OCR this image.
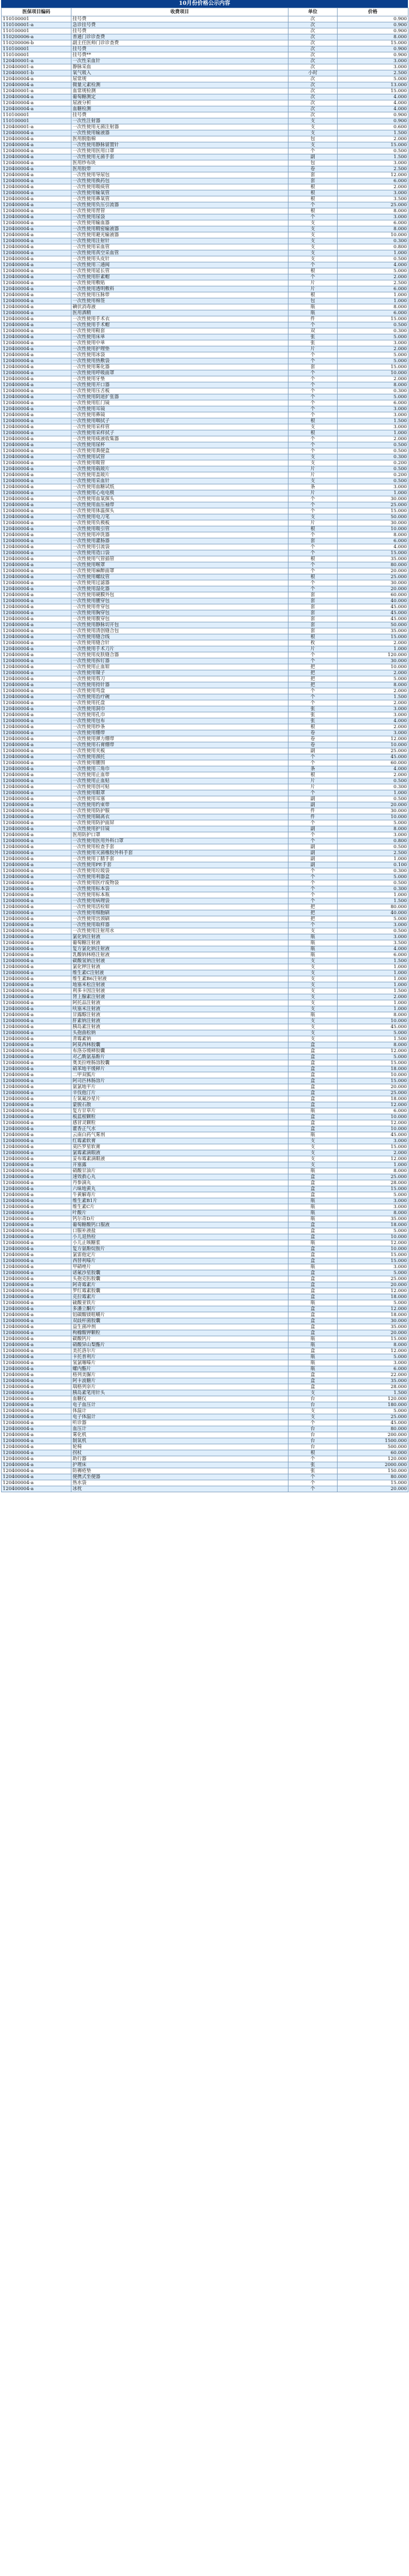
10月份价格公示内容
医保项目编码	收费项目	单位	价格
110100001	挂号费	次	0.900
110100001-a	急诊挂号费	次	0.900
110100001	挂号费	次	0.900
110200006-a	普通门诊诊查费	次	8.000
110200006-b	副主任医师门诊诊查费	次	15.000
110100001	挂号费	次	0.900
110100001	挂号费**	次	0.900
120400001-a	一次性采血针	次	3.000
120400001-a	静脉采血	次	3.000
120400001-b	氧气吸入	小时	2.500
120400004-a	尿常规	次	5.000
120400004-a	微量元素检测	次	13.000
120400001-a	血常规检测	次	15.000
120400004-a	葡萄糖测定	次	4.000
120400004-a	尿液分析	次	4.000
120400004-a	血糖检测	次	4.000
110100001	挂号费	次	0.900
110100001	一次性注射器	支	0.900
120400001-a	一次性使用无菌注射器	支	0.600
120400004-a	一次性使用输液器	支	1.500
120400004-a	医用脱脂棉	包	2.000
120400004-a	一次性使用静脉留置针	支	15.000
120400004-a	一次性使用医用口罩	个	0.500
120400004-a	一次性使用无菌手套	副	1.500
120400004-a	医用纱布块	包	3.000
120400004-a	医用胶带	卷	2.500
120400004-a	一次性使用导尿包	套	12.000
120400004-a	一次性使用换药包	套	6.000
120400004-a	一次性使用吸痰管	根	2.000
120400004-a	一次性使用输氧管	根	3.000
120400004-a	一次性使用鼻氧管	根	3.500
120400004-a	一次性使用负压引流器	个	25.000
120400004-a	一次性使用胃管	根	8.000
120400004-a	一次性使用尿袋	个	3.000
120400004-a	一次性使用输血器	支	6.000
120400004-a	一次性使用精密输液器	支	8.000
120400004-a	一次性使用避光输液器	支	10.000
120400004-a	一次性使用注射针	支	0.300
120400004-a	一次性使用采血管	支	0.800
120400004-a	一次性使用真空采血管	支	1.000
120400004-a	一次性使用头皮针	支	0.500
120400004-a	一次性使用三通阀	个	4.000
120400004-a	一次性使用延长管	根	5.000
120400004-a	一次性使用肝素帽	个	2.000
120400004-a	一次性使用敷贴	片	2.500
120400004-a	一次性使用透明敷料	片	6.000
120400004-a	一次性使用压脉带	根	1.000
120400004-a	一次性使用棉签	包	1.000
120400004-a	碘伏消毒液	瓶	8.000
120400004-a	医用酒精	瓶	6.000
120400004-a	一次性使用手术衣	件	15.000
120400004-a	一次性使用手术帽	个	0.500
120400004-a	一次性使用鞋套	双	0.300
120400004-a	一次性使用床单	张	5.000
120400004-a	一次性使用中单	张	3.000
120400004-a	一次性使用护理垫	片	2.000
120400004-a	一次性使用冰袋	个	5.000
120400004-a	一次性使用热敷袋	个	5.000
120400004-a	一次性使用雾化器	套	15.000
120400004-a	一次性使用呼吸面罩	个	10.000
120400004-a	一次性使用牙垫	个	2.000
120400004-a	一次性使用开口器	个	8.000
120400004-a	一次性使用压舌板	个	0.300
120400004-a	一次性使用阴道扩张器	个	5.000
120400004-a	一次性使用肛门镜	个	6.000
120400004-a	一次性使用耳镜	个	3.000
120400004-a	一次性使用鼻镜	个	3.000
120400004-a	一次性使用咽拭子	根	1.500
120400004-a	一次性使用采样管	支	3.000
120400004-a	一次性使用采样拭子	根	1.000
120400004-a	一次性使用痰液收集器	个	2.000
120400004-a	一次性使用尿杯	个	0.500
120400004-a	一次性使用粪便盒	个	0.500
120400004-a	一次性使用试管	支	0.300
120400004-a	一次性使用吸管	支	0.200
120400004-a	一次性使用载玻片	片	0.500
120400004-a	一次性使用盖玻片	片	0.200
120400004-a	一次性使用采血针	支	0.500
120400004-a	一次性使用血糖试纸	条	3.000
120400004-a	一次性使用心电电极	片	1.000
120400004-a	一次性使用血氧探头	个	30.000
120400004-a	一次性使用血压袖带	个	25.000
120400004-a	一次性使用体温探头	个	15.000
120400004-a	一次性使用电刀笔	支	50.000
120400004-a	一次性使用负极板	片	30.000
120400004-a	一次性使用吸引管	根	10.000
120400004-a	一次性使用冲洗器	个	8.000
120400004-a	一次性使用灌肠器	套	6.000
120400004-a	一次性使用引流袋	个	4.000
120400004-a	一次性使用造口袋	个	15.000
120400004-a	一次性使用气管插管	根	35.000
120400004-a	一次性使用喉罩	个	80.000
120400004-a	一次性使用麻醉面罩	个	20.000
120400004-a	一次性使用螺纹管	根	25.000
120400004-a	一次性使用过滤器	个	30.000
120400004-a	一次性使用湿化器	个	20.000
120400004-a	一次性使用硬膜外包	套	60.000
120400004-a	一次性使用腰穿包	套	40.000
120400004-a	一次性使用骨穿包	套	45.000
120400004-a	一次性使用胸穿包	套	45.000
120400004-a	一次性使用腹穿包	套	45.000
120400004-a	一次性使用静脉切开包	套	50.000
120400004-a	一次性使用清创缝合包	套	35.000
120400004-a	一次性使用缝合线	根	15.000
120400004-a	一次性使用缝合针	枚	2.000
120400004-a	一次性使用手术刀片	片	1.000
120400004-a	一次性使用皮肤缝合器	个	120.000
120400004-a	一次性使用拆钉器	个	30.000
120400004-a	一次性使用止血钳	把	10.000
120400004-a	一次性使用镊子	把	2.000
120400004-a	一次性使用剪刀	把	5.000
120400004-a	一次性使用持针器	把	8.000
120400004-a	一次性使用弯盘	个	2.000
120400004-a	一次性使用治疗碗	个	1.500
120400004-a	一次性使用托盘	个	2.000
120400004-a	一次性使用洞巾	张	3.000
120400004-a	一次性使用孔巾	张	3.000
120400004-a	一次性使用包布	张	4.000
120400004-a	一次性使用纱条	根	2.000
120400004-a	一次性使用绷带	卷	3.000
120400004-a	一次性使用弹力绷带	卷	12.000
120400004-a	一次性使用石膏绷带	卷	10.000
120400004-a	一次性使用夹板	副	25.000
120400004-a	一次性使用颈托	个	45.000
120400004-a	一次性使用腰围	个	60.000
120400004-a	一次性使用三角巾	条	4.000
120400004-a	一次性使用止血带	根	2.000
120400004-a	一次性使用止血贴	片	0.500
120400004-a	一次性使用创可贴	片	0.300
120400004-a	一次性使用眼罩	个	1.000
120400004-a	一次性使用耳塞	副	0.500
120400004-a	一次性使用约束带	副	20.000
120400004-a	一次性使用防护服	件	30.000
120400004-a	一次性使用隔离衣	件	10.000
120400004-a	一次性使用防护面屏	个	5.000
120400004-a	一次性使用护目镜	副	8.000
120400004-a	医用防护口罩	个	3.000
120400004-a	一次性使用医用外科口罩	个	0.800
120400004-a	一次性使用检查手套	副	0.500
120400004-a	一次性使用灭菌橡胶外科手套	副	2.500
120400004-a	一次性使用丁腈手套	副	1.000
120400004-a	一次性使用PE手套	副	0.100
120400004-a	一次性使用垃圾袋	个	0.300
120400004-a	一次性使用利器盒	个	5.000
120400004-a	一次性使用医疗废物袋	个	0.500
120400004-a	一次性使用标本袋	个	0.300
120400004-a	一次性使用标本瓶	个	1.000
120400004-a	一次性使用病理袋	个	1.500
120400004-a	一次性使用活检钳	把	80.000
120400004-a	一次性使用细胞刷	把	40.000
120400004-a	一次性使用宫颈刷	把	5.000
120400004-a	一次性使用取样器	个	3.000
120400004-a	一次性使用注射用水	支	0.500
120400004-a	氯化钠注射液	瓶	3.000
120400004-a	葡萄糖注射液	瓶	3.500
120400004-a	复方氯化钠注射液	瓶	4.000
120400004-a	乳酸钠林格注射液	瓶	6.000
120400004-a	碳酸氢钠注射液	支	1.500
120400004-a	氯化钾注射液	支	1.000
120400004-a	维生素C注射液	支	1.000
120400004-a	维生素B6注射液	支	1.000
120400004-a	地塞米松注射液	支	1.000
120400004-a	利多卡因注射液	支	1.500
120400004-a	肾上腺素注射液	支	2.000
120400004-a	阿托品注射液	支	1.000
120400004-a	呋塞米注射液	支	1.000
120400004-a	甘露醇注射液	瓶	8.000
120400004-a	肝素钠注射液	支	10.000
120400004-a	胰岛素注射液	支	45.000
120400004-a	头孢曲松钠	支	5.000
120400004-a	青霉素钠	支	1.500
120400004-a	阿莫西林胶囊	盒	8.000
120400004-a	布洛芬缓释胶囊	盒	12.000
120400004-a	对乙酰氨基酚片	盒	5.000
120400004-a	奥美拉唑肠溶胶囊	盒	15.000
120400004-a	硝苯地平缓释片	盒	18.000
120400004-a	二甲双胍片	盒	10.000
120400004-a	阿司匹林肠溶片	盒	15.000
120400004-a	氨氯地平片	盒	20.000
120400004-a	辛伐他汀片	盒	25.000
120400004-a	左氧氟沙星片	盒	18.000
120400004-a	蒙脱石散	盒	12.000
120400004-a	复方甘草片	瓶	6.000
120400004-a	板蓝根颗粒	盒	10.000
120400004-a	感冒灵颗粒	盒	12.000
120400004-a	藿香正气水	盒	10.000
120400004-a	云南白药气雾剂	瓶	45.000
120400004-a	红霉素软膏	支	3.000
120400004-a	莫匹罗星软膏	支	15.000
120400004-a	氯霉素滴眼液	支	2.000
120400004-a	妥布霉素滴眼液	支	12.000
120400004-a	开塞露	支	1.000
120400004-a	硝酸甘油片	瓶	8.000
120400004-a	速效救心丸	盒	25.000
120400004-a	丹参滴丸	盒	28.000
120400004-a	六味地黄丸	盒	15.000
120400004-a	牛黄解毒片	盒	5.000
120400004-a	维生素B1片	瓶	3.000
120400004-a	维生素C片	瓶	3.000
120400004-a	叶酸片	瓶	8.000
120400004-a	钙尔奇D片	瓶	35.000
120400004-a	葡萄糖酸钙口服液	盒	18.000
120400004-a	口服补液盐	盒	5.000
120400004-a	小儿退热栓	盒	10.000
120400004-a	小儿止咳糖浆	瓶	12.000
120400004-a	复方氨酚烷胺片	盒	10.000
120400004-a	氯雷他定片	盒	15.000
120400004-a	西替利嗪片	盒	15.000
120400004-a	甲硝唑片	瓶	3.000
120400004-a	诺氟沙星胶囊	盒	5.000
120400004-a	头孢克肟胶囊	盒	25.000
120400004-a	阿奇霉素片	盒	20.000
120400004-a	罗红霉素胶囊	盒	12.000
120400004-a	克拉霉素片	盒	18.000
120400004-a	硫酸亚铁片	瓶	5.000
120400004-a	多潘立酮片	盒	12.000
120400004-a	铝碳酸镁咀嚼片	盒	18.000
120400004-a	双歧杆菌胶囊	盒	30.000
120400004-a	益生菌冲剂	盒	35.000
120400004-a	枸橼酸钾颗粒	盒	20.000
120400004-a	碳酸钙片	瓶	15.000
120400004-a	硝酸异山梨酯片	瓶	8.000
120400004-a	美托洛尔片	盒	12.000
120400004-a	卡托普利片	瓶	5.000
120400004-a	氢氯噻嗪片	瓶	3.000
120400004-a	螺内酯片	瓶	6.000
120400004-a	格列美脲片	盒	22.000
120400004-a	阿卡波糖片	盒	35.000
120400004-a	瑞格列奈片	盒	28.000
120400004-a	胰岛素笔用针头	支	1.500
120400004-a	血糖仪	台	120.000
120400004-a	电子血压计	台	180.000
120400004-a	体温计	支	5.000
120400004-a	电子体温计	支	25.000
120400004-a	听诊器	个	45.000
120400004-a	血压计	台	80.000
120400004-a	雾化机	台	200.000
120400004-a	制氧机	台	1500.000
120400004-a	轮椅	台	500.000
120400004-a	拐杖	根	60.000
120400004-a	助行器	个	120.000
120400004-a	护理床	张	2000.000
120400004-a	防褥疮垫	张	150.000
120400004-a	便携式坐便器	个	80.000
120400004-a	热水袋	个	15.000
120400004-a	冰枕	个	20.000
